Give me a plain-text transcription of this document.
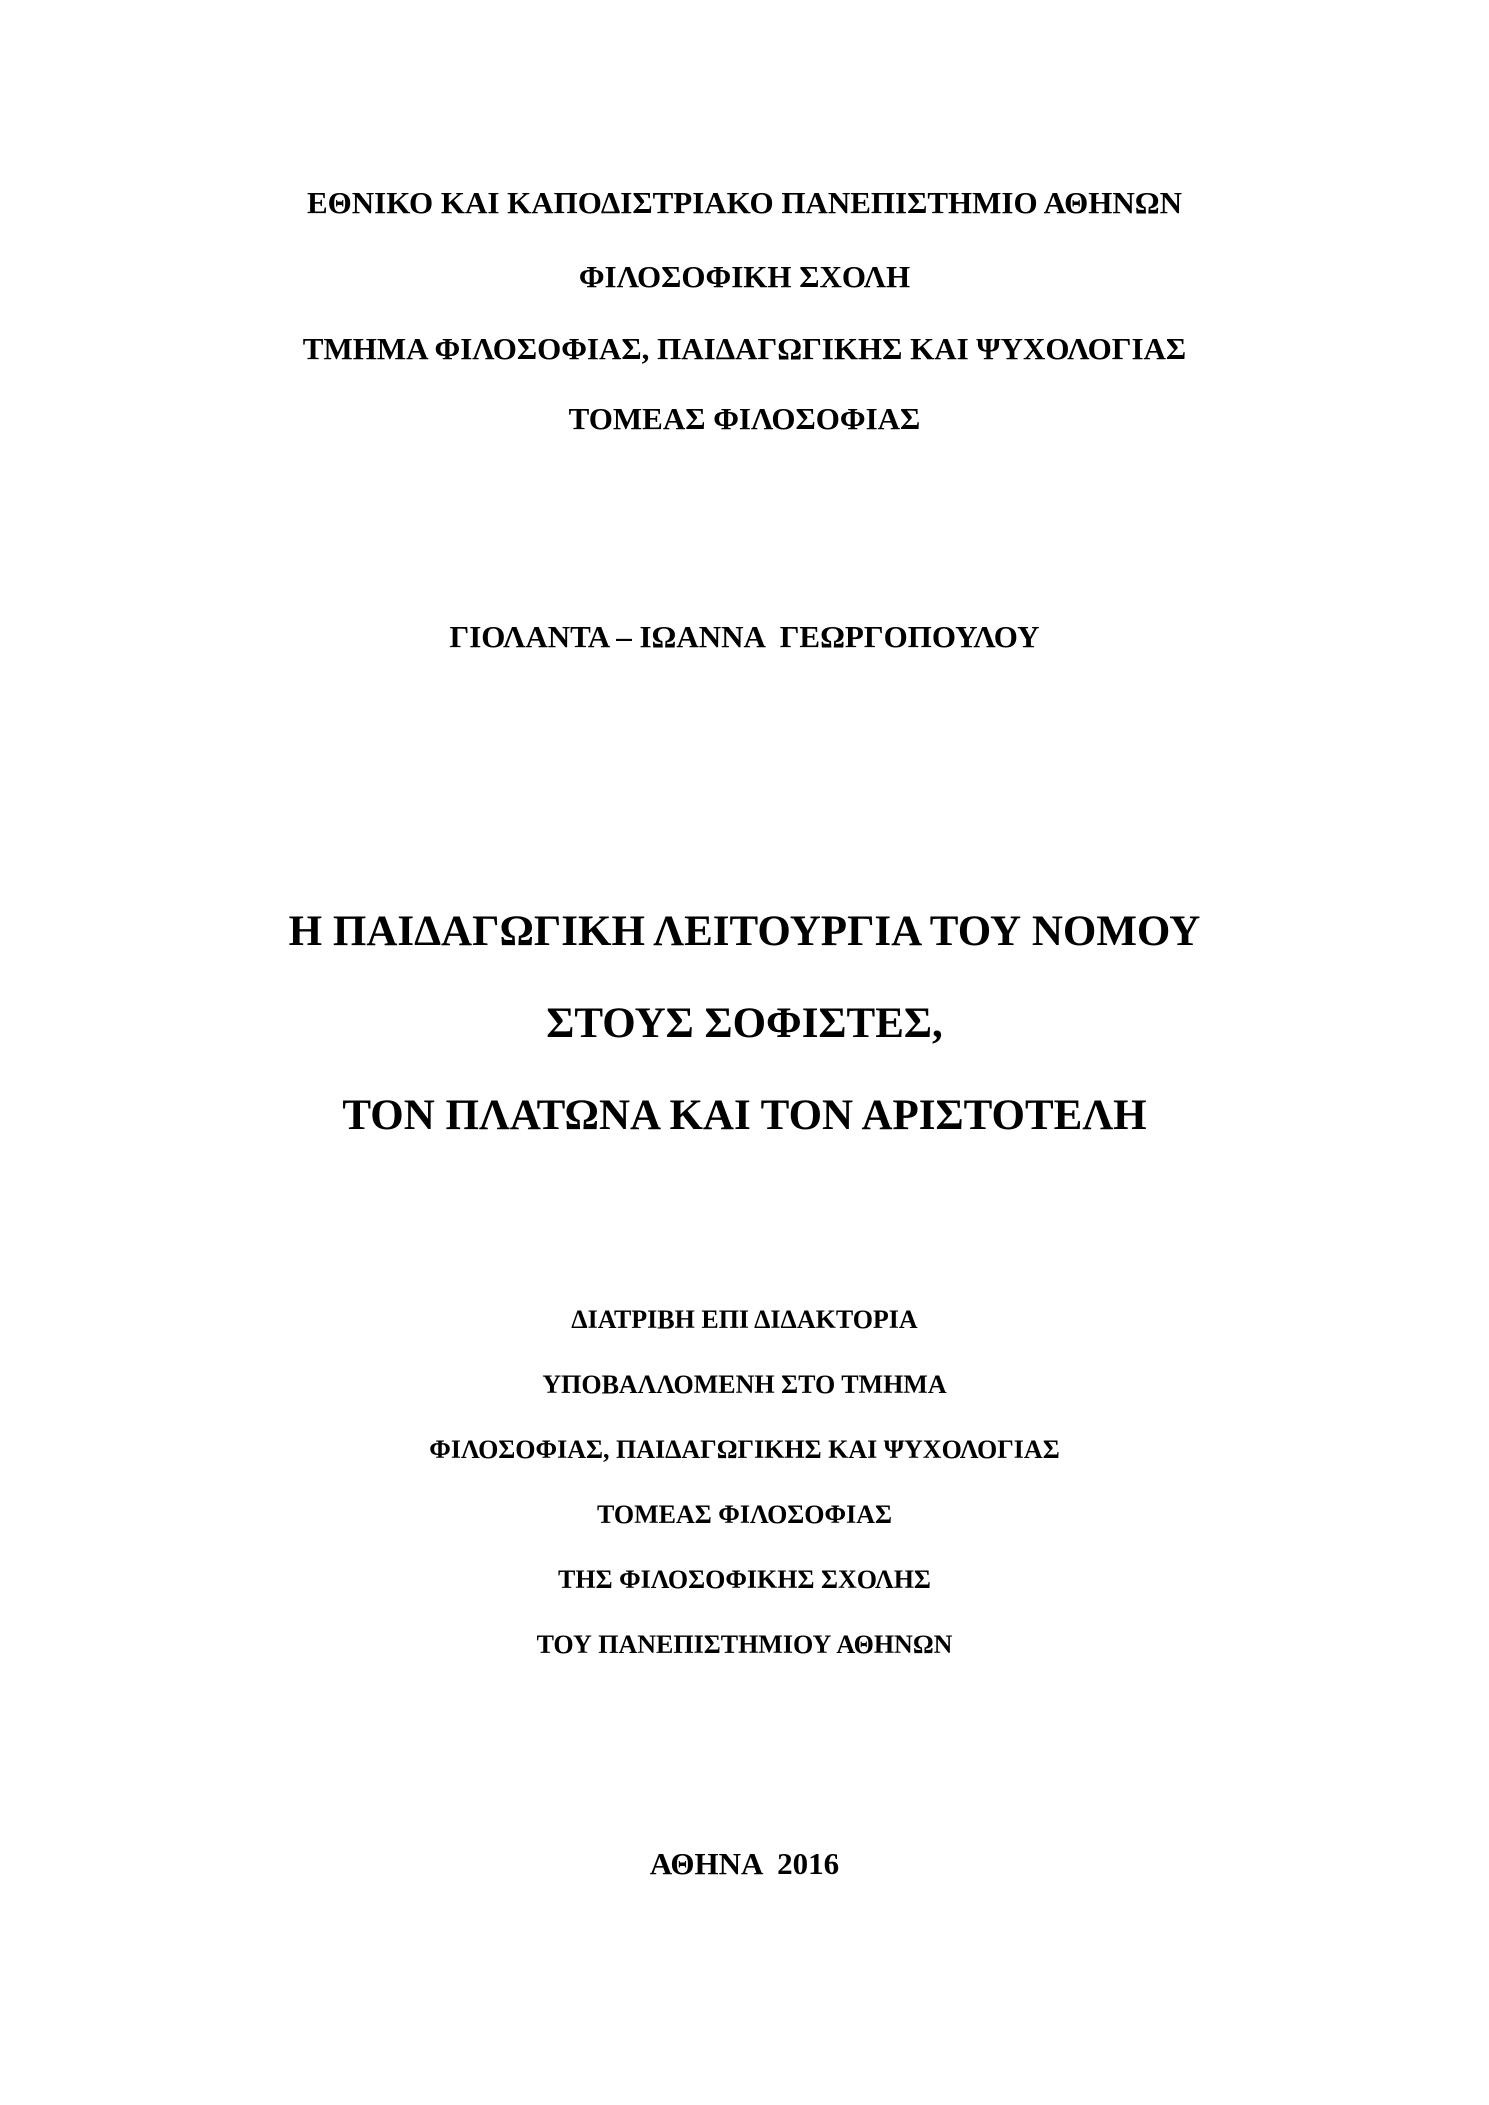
ΕΘΝΙΚΟ ΚΑΙ ΚΑΠΟΔΙΣΤΡΙΑΚΟ ΠΑΝΕΠΙΣΤΗΜΙΟ ΑΘΗΝΩΝ
ΦΙΛΟΣΟΦΙΚΗ ΣΧΟΛΗ
ΤΜΗΜΑ ΦΙΛΟΣΟΦΙΑΣ, ΠΑΙΔΑΓΩΓΙΚΗΣ ΚΑΙ ΨΥΧΟΛΟΓΙΑΣ
ΤΟΜΕΑΣ ΦΙΛΟΣΟΦΙΑΣ
ΓΙΟΛΑΝΤΑ – ΙΩΑΝΝΑ  ΓΕΩΡΓΟΠΟΥΛΟΥ
Η ΠΑΙΔΑΓΩΓΙΚΗ ΛΕΙΤΟΥΡΓΙΑ ΤΟΥ ΝΟΜΟΥ
ΣΤΟΥΣ ΣΟΦΙΣΤΕΣ,
ΤΟΝ ΠΛΑΤΩΝΑ ΚΑΙ ΤΟΝ ΑΡΙΣΤΟΤΕΛΗ
ΔΙΑΤΡΙΒΗ ΕΠΙ ΔΙΔΑΚΤΟΡΙΑ
ΥΠΟΒΑΛΛΟΜΕΝΗ ΣΤΟ ΤΜΗΜΑ
ΦΙΛΟΣΟΦΙΑΣ, ΠΑΙΔΑΓΩΓΙΚΗΣ ΚΑΙ ΨΥΧΟΛΟΓΙΑΣ
ΤΟΜΕΑΣ ΦΙΛΟΣΟΦΙΑΣ
ΤΗΣ ΦΙΛΟΣΟΦΙΚΗΣ ΣΧΟΛΗΣ
ΤΟΥ ΠΑΝΕΠΙΣΤΗΜΙΟΥ ΑΘΗΝΩΝ
ΑΘΗΝΑ  2016
